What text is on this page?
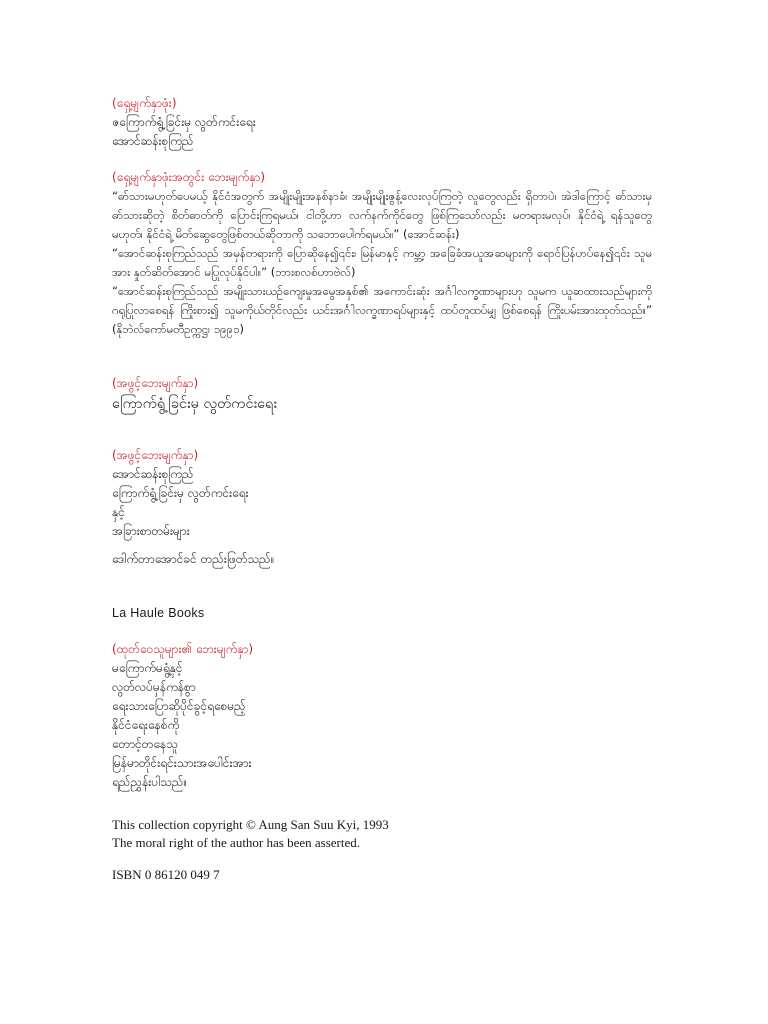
(ရှေ့မျက်နှာဖုံး)
ဇကြောက်ရွံ့ခြင်းမှ လွတ်ကင်းရေး
အောင်ဆန်းစုကြည်
(ရှေ့မျက်နှာဖုံးအတွင်း ဘေးမျက်နှာ)
“ဓာ်သားမဟုတ်ပေမယ့် နိုင်ငံအတွက် အမျိုးမျိုးအနစ်နာခံ၊ အမျိုးမျိုးဇွန့်လေးလုပ်ကြတဲ့ လူတွေလည်း ရှိတာပဲ၊ အဲဒါကြောင့် ဓာ်သားမှ ဓာ်သားဆိုတဲ့ စိတ်ဓာတ်ကို ပြောင်းကြရမယ်၊ ငါတို့ဟာ လက်နက်ကိုင်တွေ ဖြစ်ကြသော်လည်း မတရားမလုပ်၊ နိုင်ငံရဲ့ ရန်သူတွေမဟုတ်၊ နိုင်ငံရဲ့ မိတ်ဆွေတွေဖြစ်တယ်ဆိုတာကို သဘောပေါက်ရမယ်။” (အောင်ဆန်း)
“အောင်ဆန်းစုကြည်သည် အမှန်တရားကို ပြောဆိုနေ၍၎င်း၊ မြန်မာနှင့် ကမ္ဘာ့ အခြေခံအယူအဆများကို ရောင်ပြန်ဟပ်နေ၍၎င်း သူမအား နှုတ်ဆိတ်အောင် မပြုလုပ်နိုင်ပါ။” (ဘားစလစ်ဟာဗဲလ်)
“အောင်ဆန်းစုကြည်သည် အမျိုးသားယဉ်ကျေးမှုအမွေအနှစ်၏ အကောင်းဆုံး အင်္ဂါလက္ခဏာများဟု သူမက ယူဆထားသည်များကို ဂရုပြုလာစေရန် ကြိုးစား၍ သူမကိုယ်တိုင်လည်း ယင်းအင်္ဂါလက္ခဏာရပ်များနှင့် ထပ်တူထပ်မျှ ဖြစ်စေရန် ကြိုးပမ်းအားထုတ်သည်။” (နိုဘဲလ်ကော်မတီဥက္ကဋ္ဌ၊ ၁၉၉၁)
(အဖွင့်ဘေးမျက်နှာ)
ကြောက်ရွံ့ခြင်းမှ လွတ်ကင်းရေး
(အဖွင့်ဘေးမျက်နှာ)
အောင်ဆန်းစုကြည်
ကြောက်ရွံ့ခြင်းမှ လွတ်ကင်းရေး
နှင့်
အခြားစာတမ်းများ
ဒေါက်တာအောင်ခင် တည်းဖြတ်သည်။
La Haule Books
(ထုတ်ဝေသူများ၏ ဘေးမျက်နှာ)
မကြောက်မရွံ့နှင့်
လွတ်လပ်မှန်ကန်စွာ
ရေးသားပြောဆိုပိုင်ခွင့်ရစေမည့်
နိုင်ငံရေးနေစ်ကို
တောင့်တနေသူ
မြန်မာတိုင်းရင်းသားအပေါင်းအား
ရည်ညွှန်းပါသည်။
This collection copyright © Aung San Suu Kyi, 1993
The moral right of the author has been asserted.
ISBN 0 86120 049 7
